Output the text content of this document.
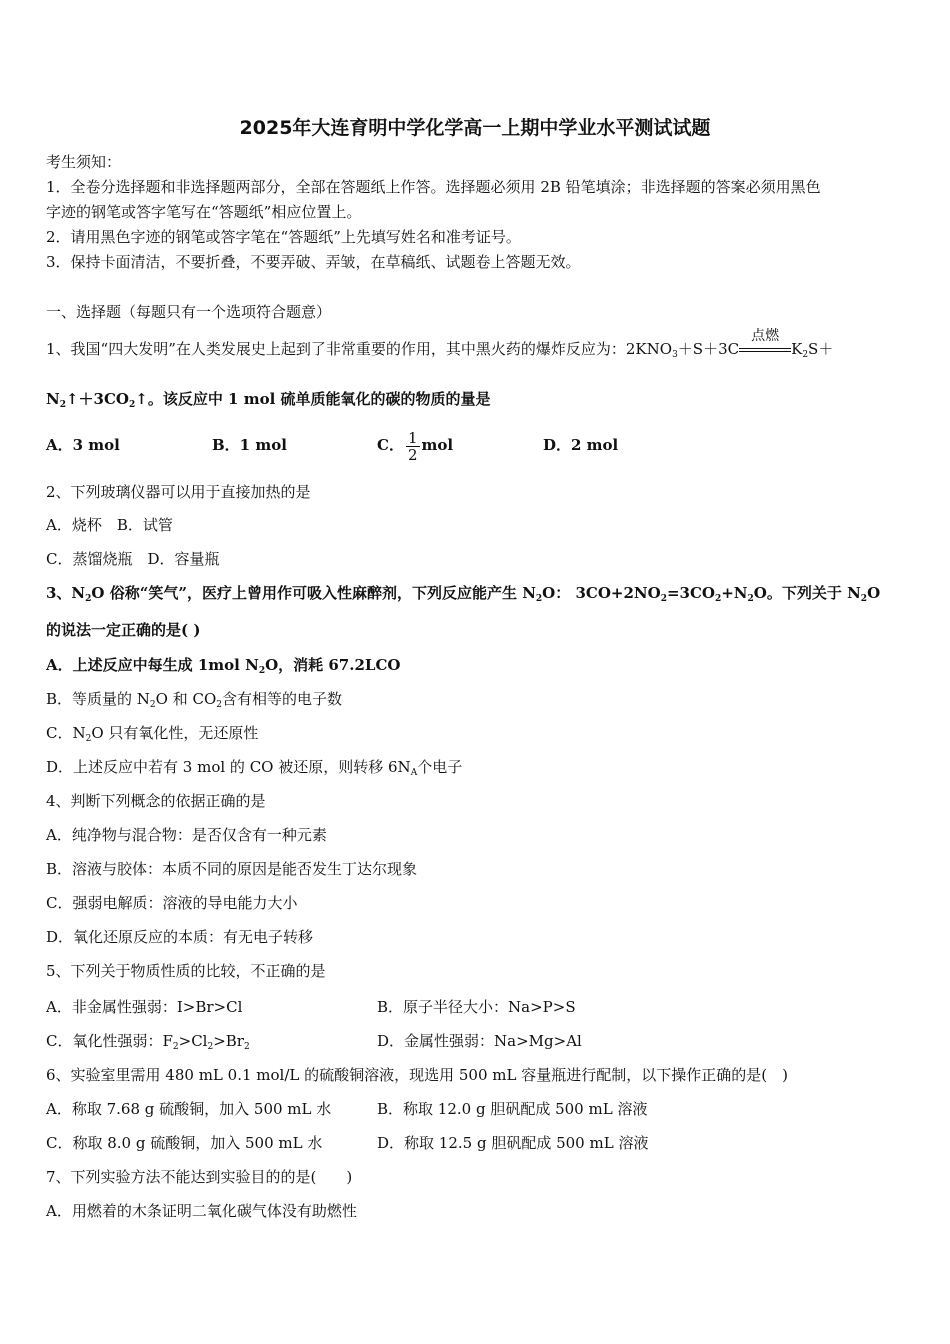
2025年大连育明中学化学高一上期中学业水平测试试题
考生须知：
1．全卷分选择题和非选择题两部分，全部在答题纸上作答。选择题必须用 2B 铅笔填涂；非选择题的答案必须用黑色
字迹的钢笔或答字笔写在“答题纸”相应位置上。
2．请用黑色字迹的钢笔或答字笔在“答题纸”上先填写姓名和准考证号。
3．保持卡面清洁，不要折叠，不要弄破、弄皱，在草稿纸、试题卷上答题无效。
一、选择题（每题只有一个选项符合题意）
1、我国“四大发明”在人类发展史上起到了非常重要的作用，其中黑火药的爆炸反应为：$2KNO_3+S+3C$
点燃
$K_2S+$
$N_2↑+3CO_2↑$。该反应中 1 mol 硫单质能氧化的碳的物质的量是
A．3 mol	B．1 mol	C． $\frac{1}{2}$ mol	D．2 mol
2、下列玻璃仪器可以用于直接加热的是
A．烧杯　B．试管
C．蒸馏烧瓶　D．容量瓶
3、$N_2O$ 俗称“笑气”，医疗上曾用作可吸入性麻醉剂，下列反应能产生 $N_2O$： $3CO+2NO_2=3CO_2+N_2O$。下列关于 $N_2O$
的说法一定正确的是( )
A．上述反应中每生成 1mol $N_2O$，消耗 67.2LCO
B．等质量的 $N_2O$ 和 $CO_2$含有相等的电子数
C．$N_2O$ 只有氧化性，无还原性
D．上述反应中若有 3 mol 的 CO 被还原，则转移 $6N_A$个电子
4、判断下列概念的依据正确的是
A．纯净物与混合物：是否仅含有一种元素
B．溶液与胶体：本质不同的原因是能否发生丁达尔现象
C．强弱电解质：溶液的导电能力大小
D．氧化还原反应的本质：有无电子转移
5、下列关于物质性质的比较，不正确的是
A．非金属性强弱：I>Br>Cl	B．原子半径大小：Na>P>S
C．氧化性强弱：$F_2>Cl_2>Br_2$	D．金属性强弱：Na>Mg>Al
6、实验室里需用 480 mL 0.1 mol/L 的硫酸铜溶液，现选用 500 mL 容量瓶进行配制，以下操作正确的是(　)
A．称取 7.68 g 硫酸铜，加入 500 mL 水	B．称取 12.0 g 胆矾配成 500 mL 溶液
C．称取 8.0 g 硫酸铜，加入 500 mL 水	D．称取 12.5 g 胆矾配成 500 mL 溶液
7、下列实验方法不能达到实验目的的是(　　)
A．用燃着的木条证明二氧化碳气体没有助燃性
